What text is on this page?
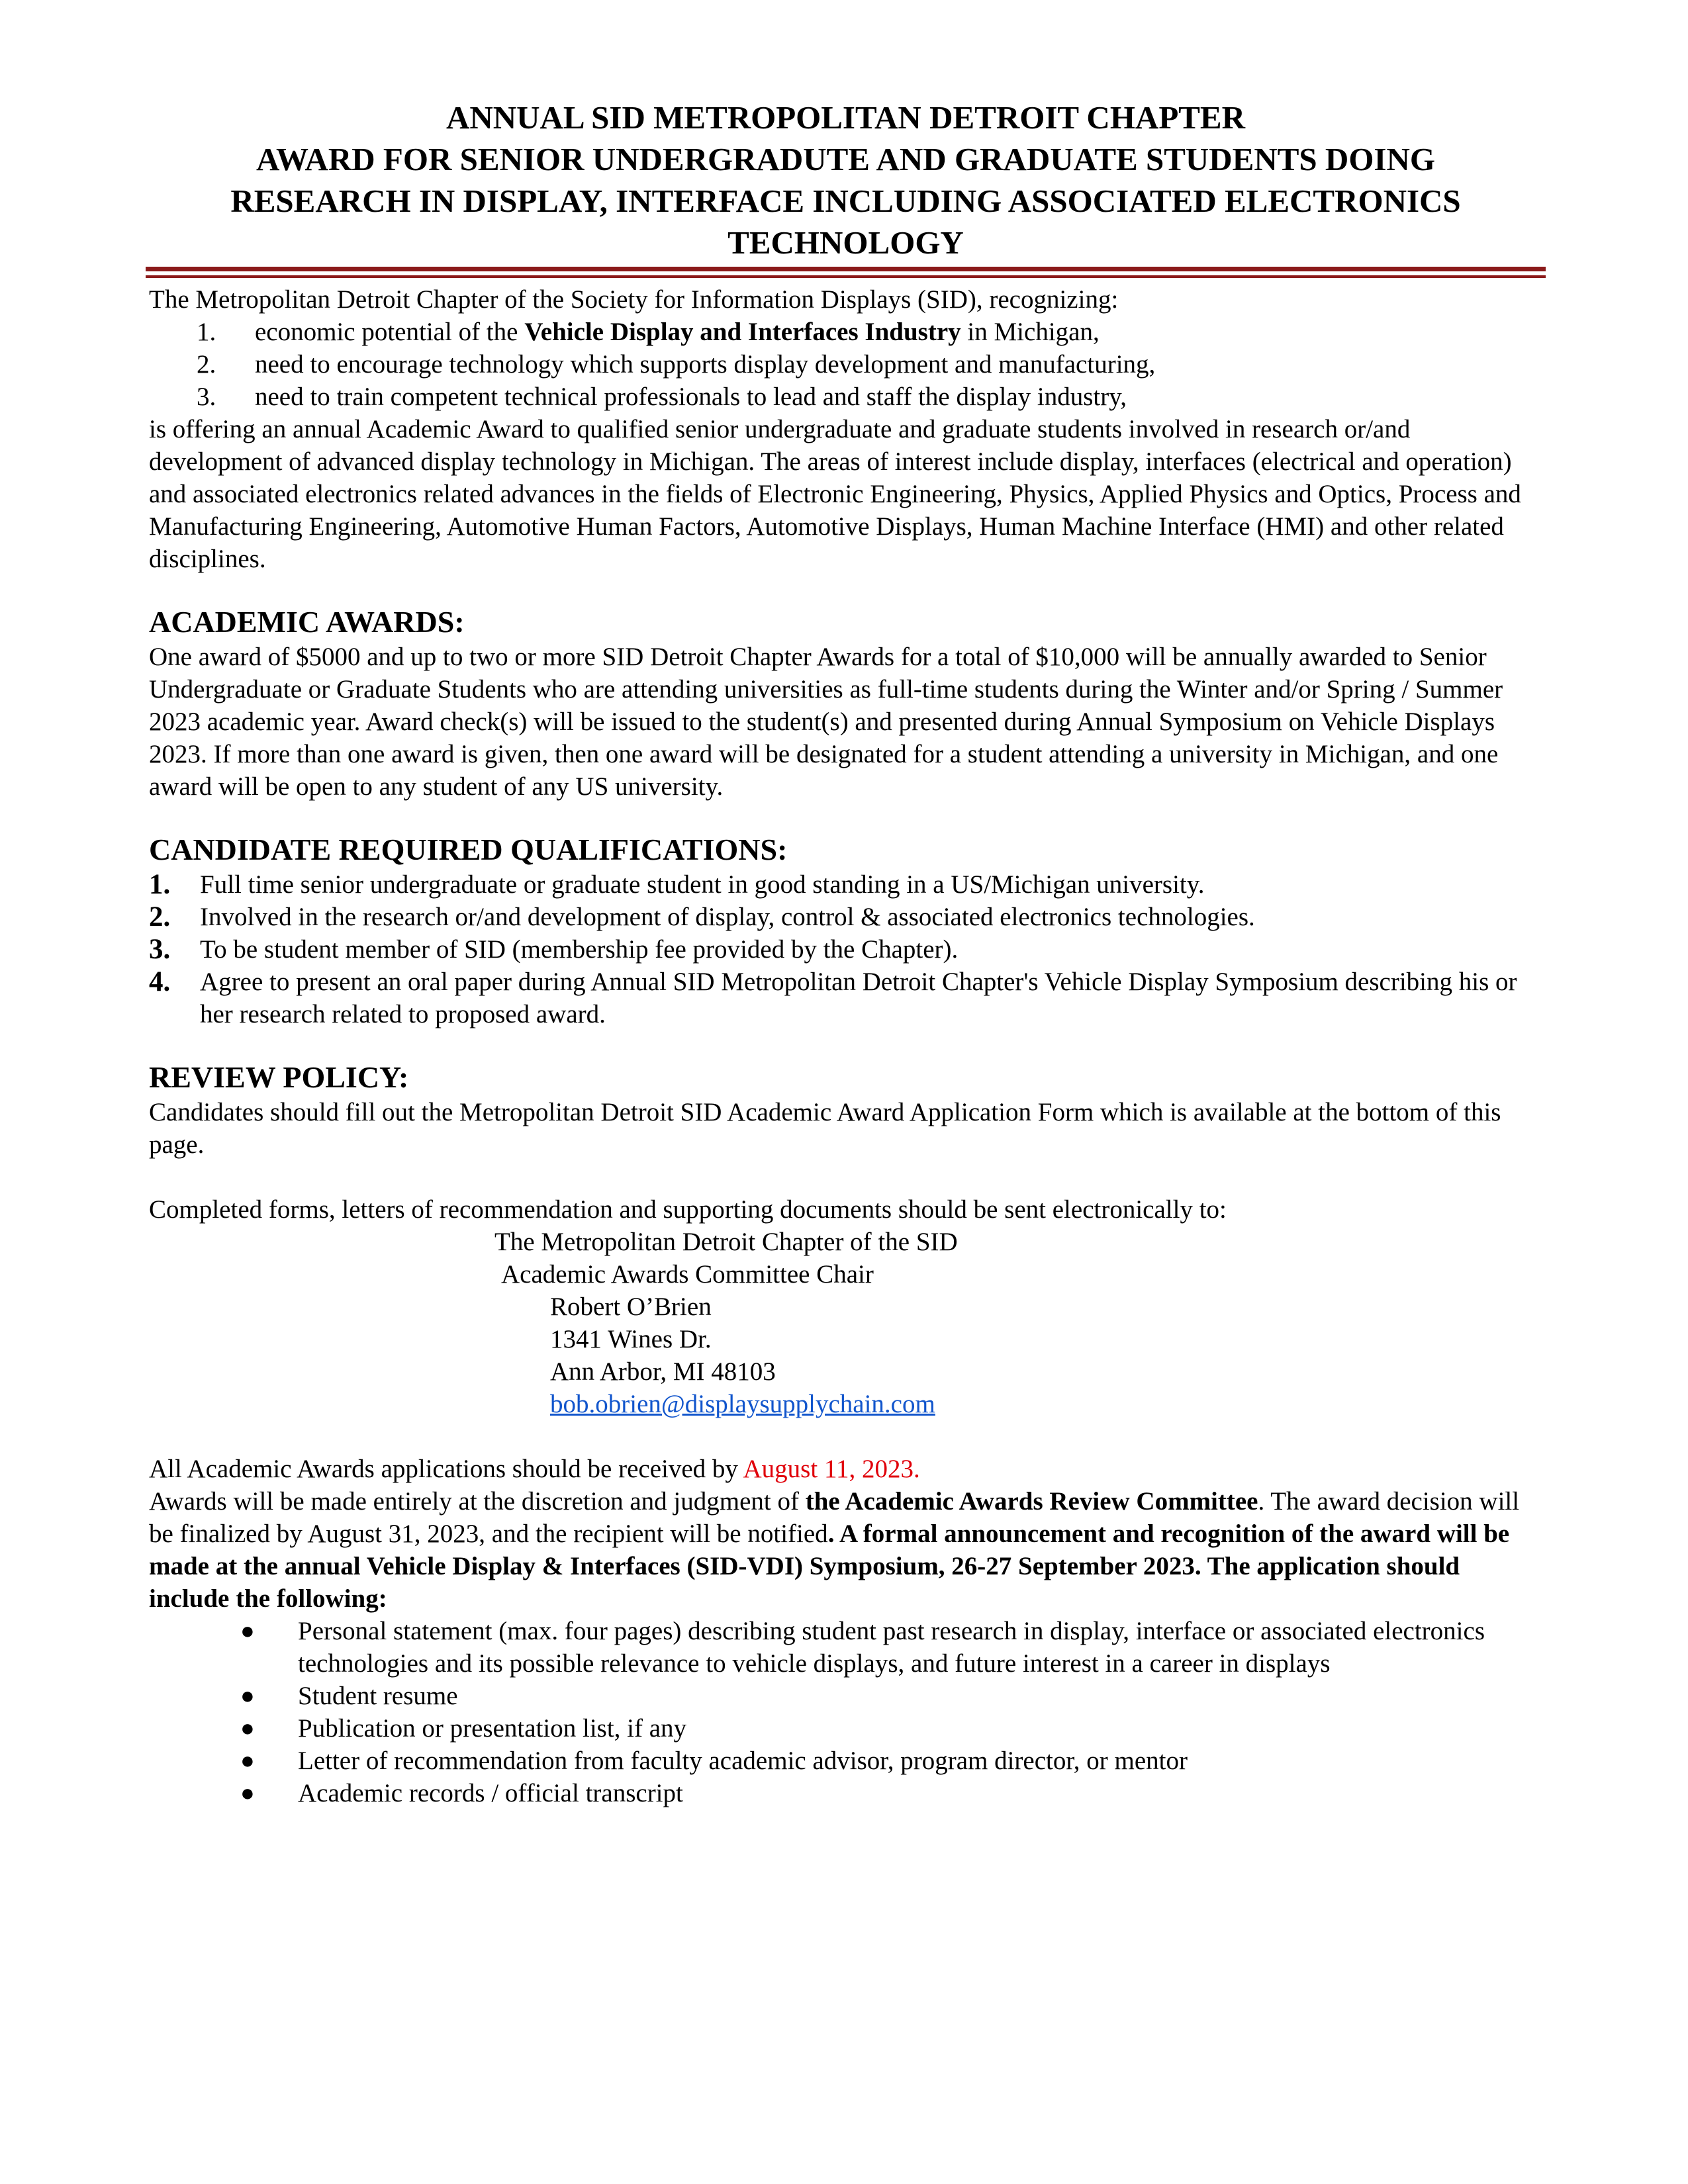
ANNUAL SID METROPOLITAN DETROIT CHAPTER
AWARD FOR SENIOR UNDERGRADUTE AND GRADUATE STUDENTS DOING
RESEARCH IN DISPLAY, INTERFACE INCLUDING ASSOCIATED ELECTRONICS
TECHNOLOGY

The Metropolitan Detroit Chapter of the Society for Information Displays (SID), recognizing:

1.	economic potential of the Vehicle Display and Interfaces Industry in Michigan,
2.	need to encourage technology which supports display development and manufacturing,
3.	need to train competent technical professionals to lead and staff the display industry,

is offering an annual Academic Award to qualified senior undergraduate and graduate students involved in research or/and development of advanced display technology in Michigan. The areas of interest include display, interfaces (electrical and operation) and associated electronics related advances in the fields of Electronic Engineering, Physics, Applied Physics and Optics, Process and Manufacturing Engineering, Automotive Human Factors, Automotive Displays, Human Machine Interface (HMI) and other related disciplines.

ACADEMIC AWARDS:

One award of $5000 and up to two or more SID Detroit Chapter Awards for a total of $10,000 will be annually awarded to Senior Undergraduate or Graduate Students who are attending universities as full-time students during the Winter and/or Spring / Summer 2023 academic year. Award check(s) will be issued to the student(s) and presented during Annual Symposium on Vehicle Displays 2023. If more than one award is given, then one award will be designated for a student attending a university in Michigan, and one award will be open to any student of any US university.

CANDIDATE REQUIRED QUALIFICATIONS:
1. Full time senior undergraduate or graduate student in good standing in a US/Michigan university.
2. Involved in the research or/and development of display, control & associated electronics technologies.
3. To be student member of SID (membership fee provided by the Chapter).
4. Agree to present an oral paper during Annual SID Metropolitan Detroit Chapter's Vehicle Display Symposium describing his or her research related to proposed award.
REVIEW POLICY:

Candidates should fill out the Metropolitan Detroit SID Academic Award Application Form which is available at the bottom of this page.

Completed forms, letters of recommendation and supporting documents should be sent electronically to:

The Metropolitan Detroit Chapter of the SID
Academic Awards Committee Chair
Robert O’Brien
1341 Wines Dr.
Ann Arbor, MI 48103
bob.obrien@displaysupplychain.com

All Academic Awards applications should be received by August 11, 2023.

Awards will be made entirely at the discretion and judgment of the Academic Awards Review Committee. The award decision will be finalized by August 31, 2023, and the recipient will be notified. A formal announcement and recognition of the award will be made at the annual Vehicle Display & Interfaces (SID-VDI) Symposium, 26-27 September 2023. The application should include the following:

● Personal statement (max. four pages) describing student past research in display, interface or associated electronics technologies and its possible relevance to vehicle displays, and future interest in a career in displays
● Student resume
● Publication or presentation list, if any
● Letter of recommendation from faculty academic advisor, program director, or mentor
● Academic records / official transcript
